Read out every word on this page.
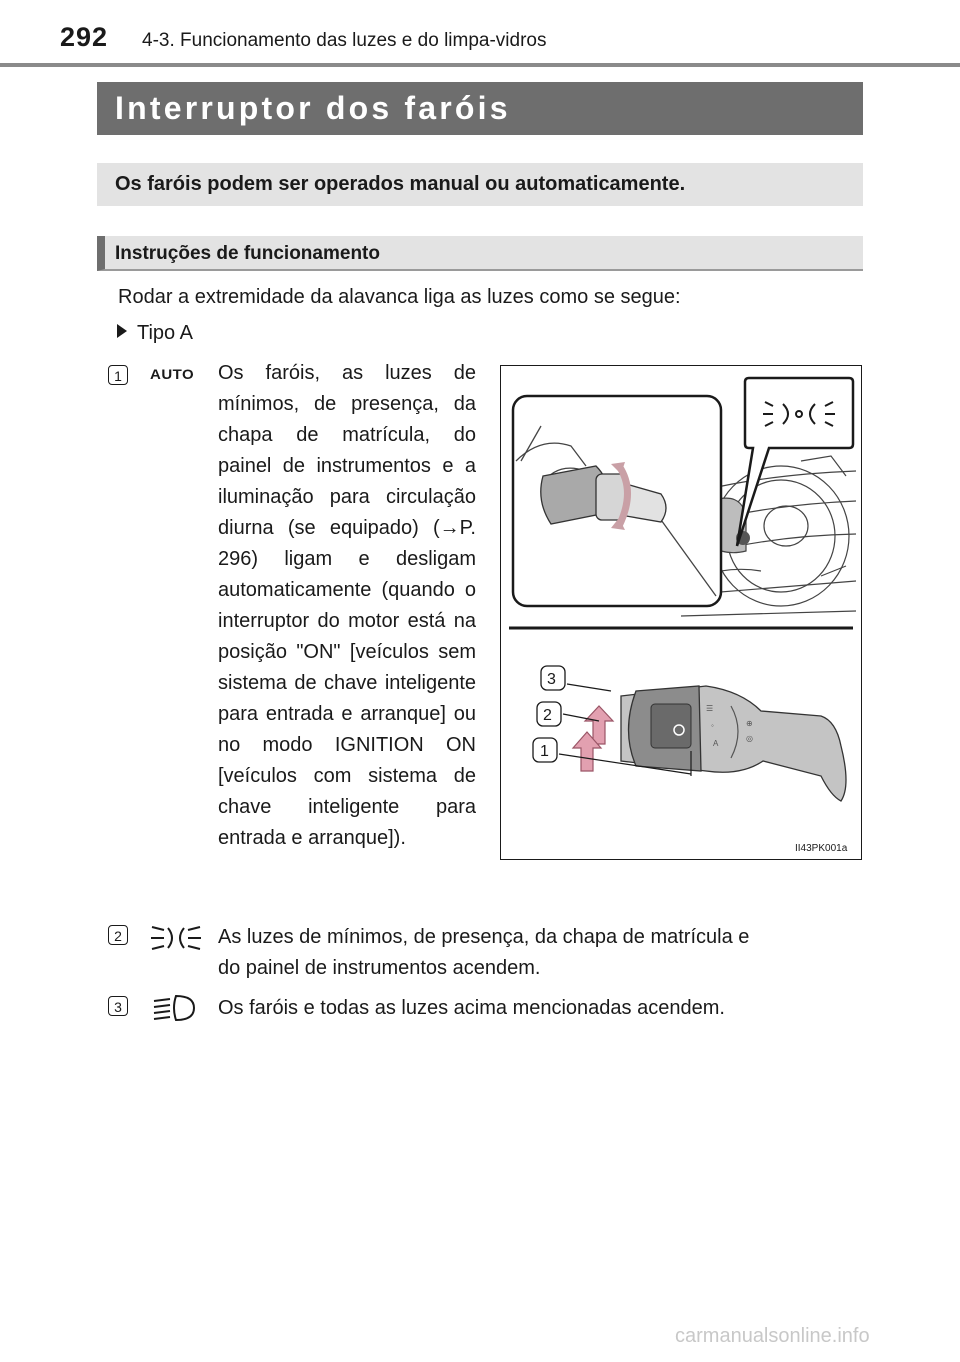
292 4-3. Funcionamento das luzes e do limpa-vidros
Interruptor dos faróis
Os faróis podem ser operados manual ou automaticamente.
Instruções de funcionamento
Rodar a extremidade da alavanca liga as luzes como se segue:
Tipo A
1	AUTO Os faróis, as luzes de mínimos, de presença, da chapa de matrícula, do painel de instrumentos e a iluminação para circulação diurna (se equipado) (→P. 296) ligam e desligam automaticamente (quando o interruptor do motor está na posição "ON" [veículos sem sistema de chave inteligente para entrada e arranque] ou no modo IGNITION ON [veículos com sistema de chave inteligente para entrada e arranque]).
☰
◦
A
⊕
◎
3
2
1
II43PK001a
2	As luzes de mínimos, de presença, da chapa de matrícula e
do painel de instrumentos acendem.
3	Os faróis e todas as luzes acima mencionadas acendem.
carmanualsonline.info
